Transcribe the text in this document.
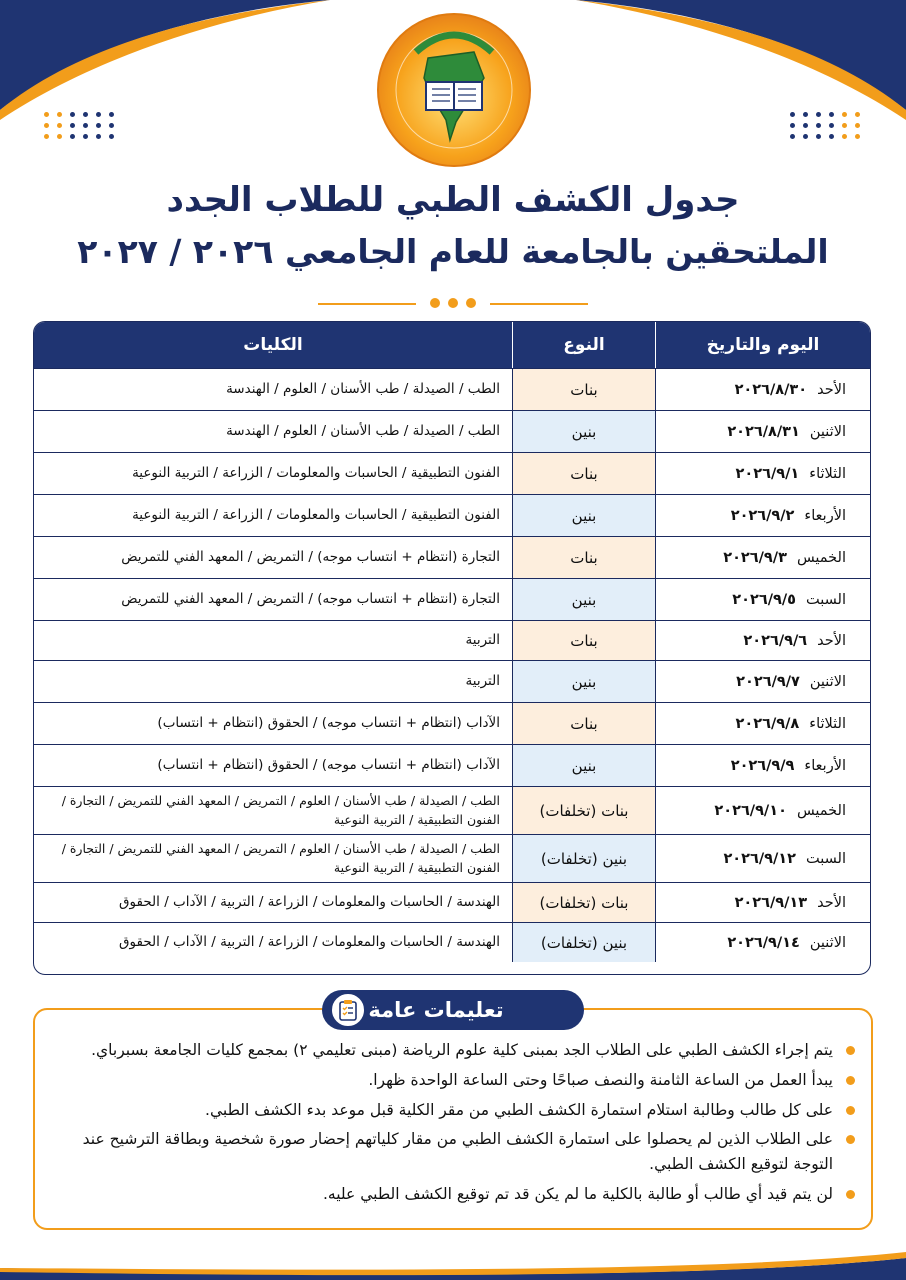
جدول الكشف الطبي للطلاب الجدد
الملتحقين بالجامعة للعام الجامعي ٢٠٢٦ / ٢٠٢٧
اليوم والتاريخ
النوع
الكليات
الأحد
٢٠٢٦/٨/٣٠
بنات
الطب / الصيدلة / طب الأسنان / العلوم / الهندسة
الاثنين
٢٠٢٦/٨/٣١
بنين
الطب / الصيدلة / طب الأسنان / العلوم / الهندسة
الثلاثاء
٢٠٢٦/٩/١
بنات
الفنون التطبيقية / الحاسبات والمعلومات / الزراعة / التربية النوعية
الأربعاء
٢٠٢٦/٩/٢
بنين
الفنون التطبيقية / الحاسبات والمعلومات / الزراعة / التربية النوعية
الخميس
٢٠٢٦/٩/٣
بنات
التجارة (انتظام + انتساب موجه) / التمريض / المعهد الفني للتمريض
السبت
٢٠٢٦/٩/٥
بنين
التجارة (انتظام + انتساب موجه) / التمريض / المعهد الفني للتمريض
الأحد
٢٠٢٦/٩/٦
بنات
التربية
الاثنين
٢٠٢٦/٩/٧
بنين
التربية
الثلاثاء
٢٠٢٦/٩/٨
بنات
الآداب (انتظام + انتساب موجه) / الحقوق (انتظام + انتساب)
الأربعاء
٢٠٢٦/٩/٩
بنين
الآداب (انتظام + انتساب موجه) / الحقوق (انتظام + انتساب)
الخميس
٢٠٢٦/٩/١٠
بنات (تخلفات)
الطب / الصيدلة / طب الأسنان / العلوم / التمريض / المعهد الفني للتمريض / التجارة / الفنون التطبيقية / التربية النوعية
السبت
٢٠٢٦/٩/١٢
بنين (تخلفات)
الطب / الصيدلة / طب الأسنان / العلوم / التمريض / المعهد الفني للتمريض / التجارة / الفنون التطبيقية / التربية النوعية
الأحد
٢٠٢٦/٩/١٣
بنات (تخلفات)
الهندسة / الحاسبات والمعلومات / الزراعة / التربية / الآداب / الحقوق
الاثنين
٢٠٢٦/٩/١٤
بنين (تخلفات)
الهندسة / الحاسبات والمعلومات / الزراعة / التربية / الآداب / الحقوق
تعليمات عامة
يتم إجراء الكشف الطبي على الطلاب الجد بمبنى كلية علوم الرياضة (مبنى تعليمي ٢) بمجمع كليات الجامعة بسبرباي.
يبدأ العمل من الساعة الثامنة والنصف صباحًا وحتى الساعة الواحدة ظهرا.
على كل طالب وطالبة استلام استمارة الكشف الطبي من مقر الكلية قبل موعد بدء الكشف الطبي.
على الطلاب الذين لم يحصلوا على استمارة الكشف الطبي من مقار كلياتهم إحضار صورة شخصية وبطاقة الترشيح عند التوجة لتوقيع الكشف الطبي.
لن يتم قيد أي طالب أو طالبة بالكلية ما لم يكن قد تم توقيع الكشف الطبي عليه.
